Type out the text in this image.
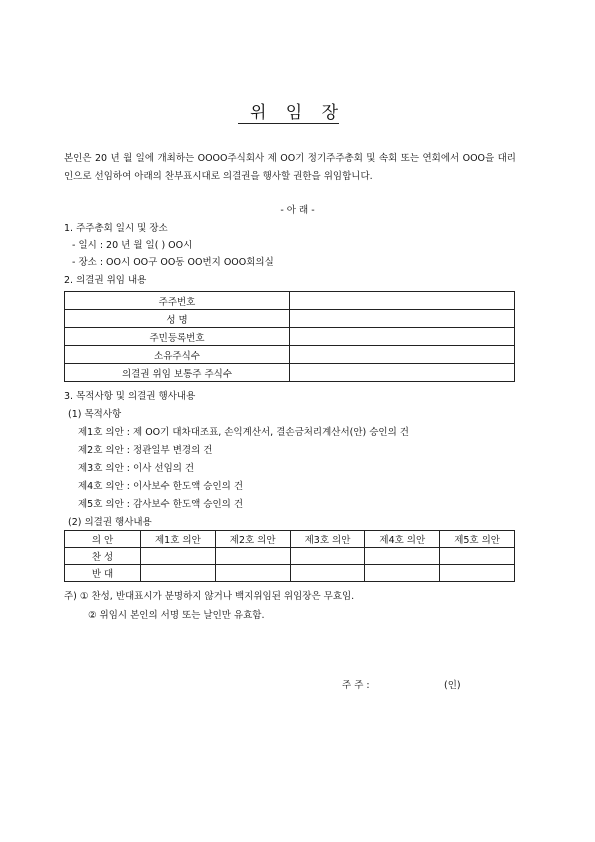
위 임 장
본인은 20 년 월 일에 개최하는 OOOO주식회사 제 OO기 정기주주총회 및 속회 또는 연회에서 OOO을 대리인으로 선임하여 아래의 찬부표시대로 의결권을 행사할 권한을 위임합니다.
- 아 래 -
1. 주주총회 일시 및 장소
- 일시 : 20 년 월 일( ) OO시
- 장소 : OO시 OO구 OO동 OO번지 OOO회의실
2. 의결권 위임 내용
주주번호	
성 명	
주민등록번호	
소유주식수	
의결권 위임 보통주 주식수	
3. 목적사항 및 의결권 행사내용
(1) 목적사항
제1호 의안 : 제 OO기 대차대조표, 손익계산서, 결손금처리계산서(안) 승인의 건
제2호 의안 : 정관일부 변경의 건
제3호 의안 : 이사 선임의 건
제4호 의안 : 이사보수 한도액 승인의 건
제5호 의안 : 감사보수 한도액 승인의 건
(2) 의결권 행사내용
의 안	제1호 의안	제2호 의안	제3호 의안	제4호 의안	제5호 의안
찬 성					
반 대					
주) ① 찬성, 반대표시가 분명하지 않거나 백지위임된 위임장은 무효임.
② 위임시 본인의 서명 또는 날인만 유효함.
주 주 :	(인)
